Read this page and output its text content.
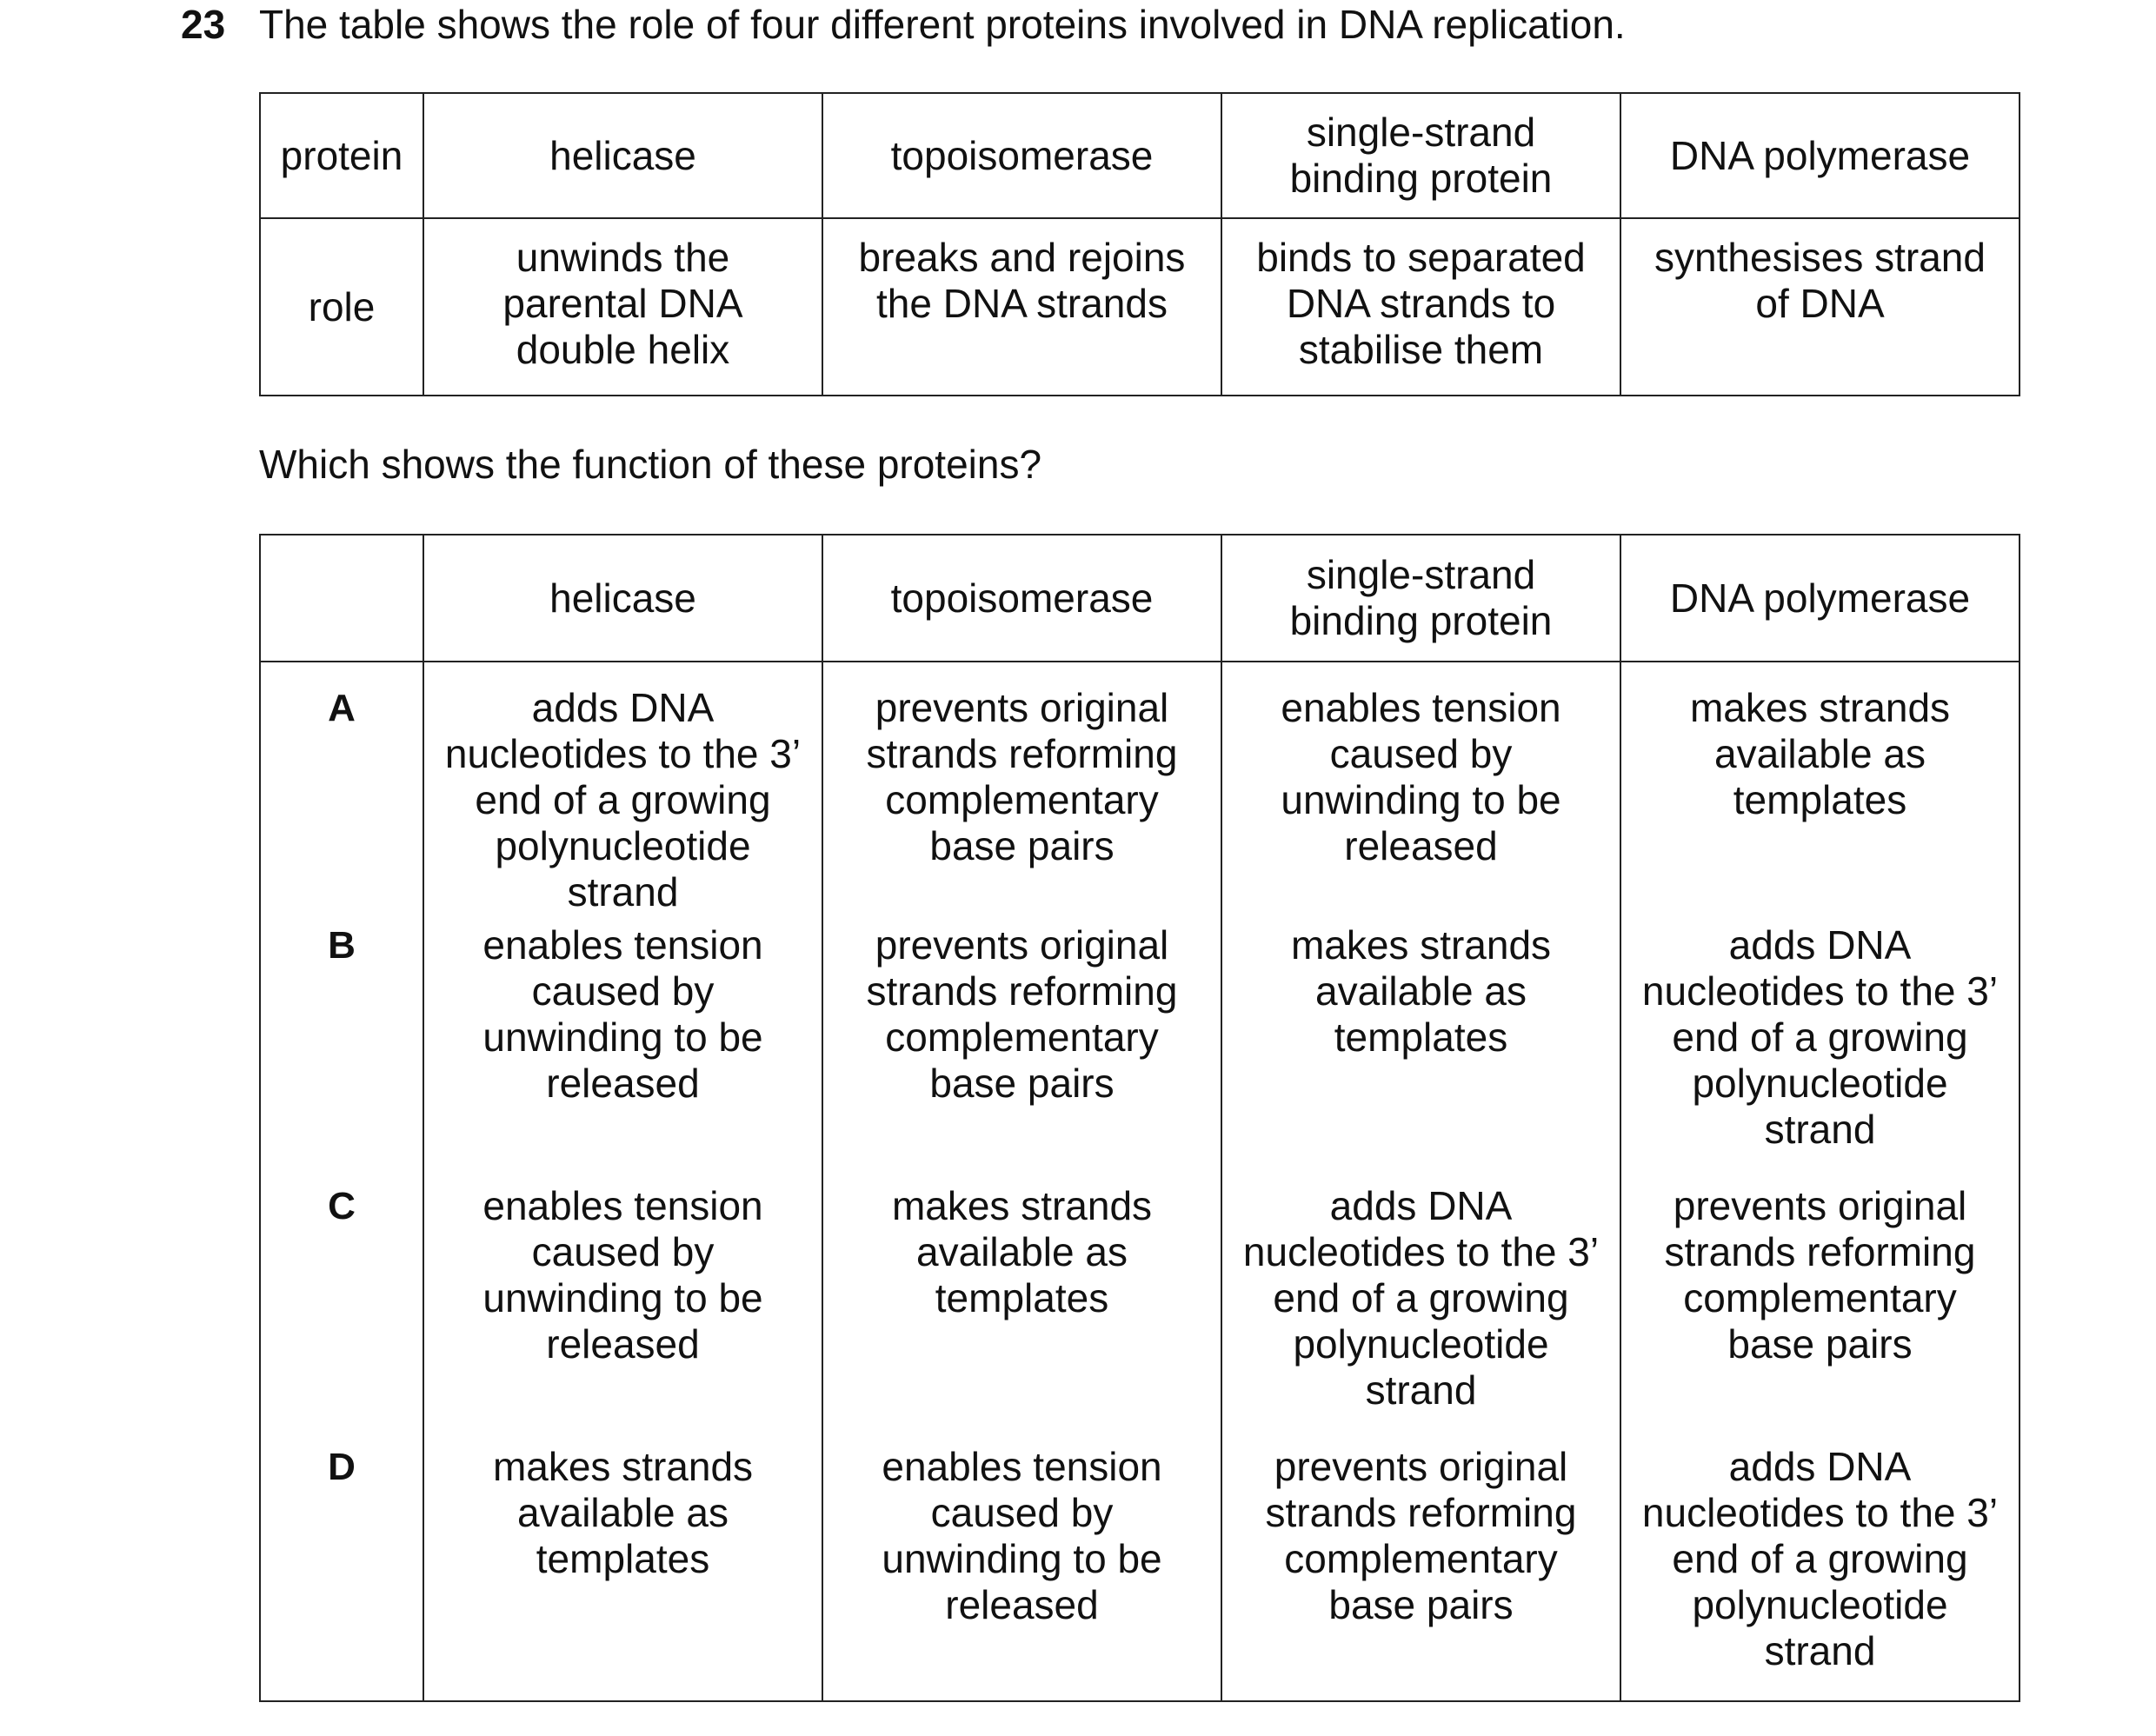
23 The table shows the role of four different proteins involved in DNA replication.
protein	helicase	topoisomerase	single-strand
binding protein	DNA polymerase

role	unwinds the
parental DNA
double helix	breaks and rejoins
the DNA strands	binds to separated
DNA strands to
stabilise them	synthesises strand
of DNA
Which shows the function of these proteins?

	helicase	topoisomerase	single-strand
binding protein	DNA polymerase

A	adds DNA
nucleotides to the 3’
end of a growing
polynucleotide
strand	prevents original
strands reforming
complementary
base pairs	enables tension
caused by
unwinding to be
released	makes strands
available as
templates

B	enables tension
caused by
unwinding to be
released	prevents original
strands reforming
complementary
base pairs	makes strands
available as
templates	adds DNA
nucleotides to the 3’
end of a growing
polynucleotide
strand

C	enables tension
caused by
unwinding to be
released	makes strands
available as
templates	adds DNA
nucleotides to the 3’
end of a growing
polynucleotide
strand	prevents original
strands reforming
complementary
base pairs

D	makes strands
available as
templates	enables tension
caused by
unwinding to be
released	prevents original
strands reforming
complementary
base pairs	adds DNA
nucleotides to the 3’
end of a growing
polynucleotide
strand
